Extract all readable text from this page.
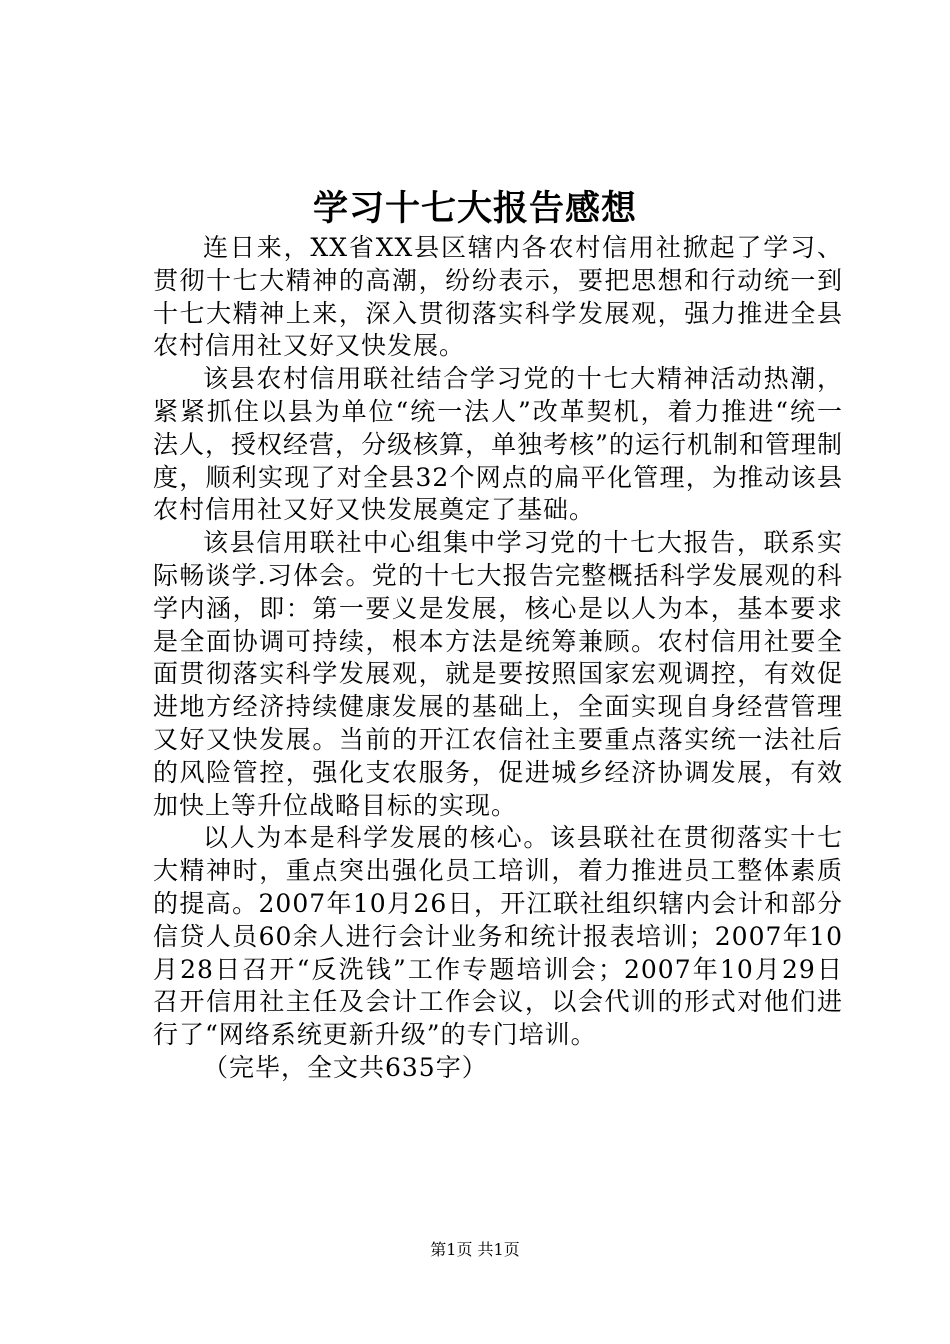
学习十七大报告感想

连日来，XX省XX县区辖内各农村信用社掀起了学习、贯彻十七大精神的高潮，纷纷表示，要把思想和行动统一到十七大精神上来，深入贯彻落实科学发展观，强力推进全县农村信用社又好又快发展。

该县农村信用联社结合学习党的十七大精神活动热潮，紧紧抓住以县为单位“统一法人”改革契机，着力推进“统一法人，授权经营，分级核算，单独考核”的运行机制和管理制度，顺利实现了对全县32个网点的扁平化管理，为推动该县农村信用社又好又快发展奠定了基础。

该县信用联社中心组集中学习党的十七大报告，联系实际畅谈学.习体会。党的十七大报告完整概括科学发展观的科学内涵，即：第一要义是发展，核心是以人为本，基本要求是全面协调可持续，根本方法是统筹兼顾。农村信用社要全面贯彻落实科学发展观，就是要按照国家宏观调控，有效促进地方经济持续健康发展的基础上，全面实现自身经营管理又好又快发展。当前的开江农信社主要重点落实统一法社后的风险管控，强化支农服务，促进城乡经济协调发展，有效加快上等升位战略目标的实现。

以人为本是科学发展的核心。该县联社在贯彻落实十七大精神时，重点突出强化员工培训，着力推进员工整体素质的提高。2007年10月26日，开江联社组织辖内会计和部分信贷人员60余人进行会计业务和统计报表培训；2007年10月28日召开“反洗钱”工作专题培训会；2007年10月29日召开信用社主任及会计工作会议，以会代训的形式对他们进行了“网络系统更新升级”的专门培训。

（完毕，全文共635字）

第1页 共1页
